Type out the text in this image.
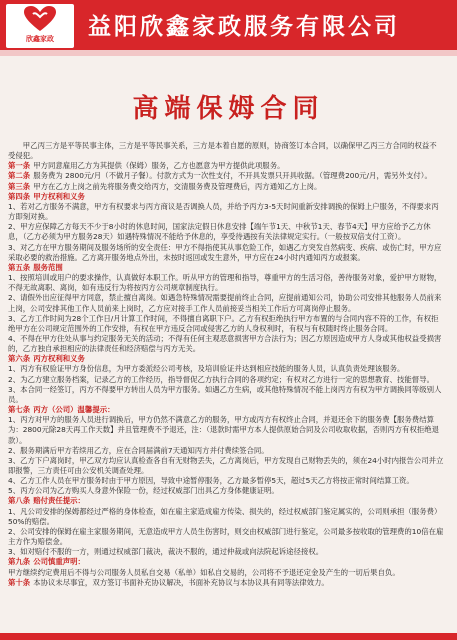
欣鑫家政	益阳欣鑫家政服务有限公司
高端保姆合同

甲乙丙三方是平等民事主体，三方是平等民事关系，三方是本着自愿的原则，协商签订本合同，以确保甲乙丙三方合同的权益不受侵犯。

第一条 甲方同意雇用乙方为其提供（保姆）服务，乙方也愿意为甲方提供此项服务。

第二条 服务费为 2800元/月（不做月子餐）。付款方式为一次性支付，不开具发票只开具收据。（管理费200元/月，需另外支付）。

第三条 甲方在乙方上岗之前先将服务费交给丙方，交清服务费及管理费后，丙方通知乙方上岗。

第四条 甲方权利和义务

1、若对乙方服务不满意，甲方有权要求与丙方商议是否调换人员，并给予丙方3-5天时间重新安排调换的保姆上户服务，不得要求丙方即刻对换。

2、甲方应保障乙方每天不少于8小时的休息时间，国家法定假日休息安排【端午节1天、中秋节1天、春节4天】甲方应给予乙方休息，（乙方必须为甲方服务28天）如遇特殊情况不能给予休息的，享受待遇按有关法律规定实行。（一般按双倍支付工资）。

3、对乙方在甲方服务期间及服务场所的安全责任：甲方不得指使其从事危险工作，如遇乙方突发自然病变、疾病、或伤亡时，甲方应采取必要的救治措施。乙方离开服务地点外出，未按时返回或发生意外，甲方应在24小时内通知丙方或报案。

第五条 服务范围

1、按照培训或用户的要求操作，认真做好本职工作。听从甲方的管理和指导，尊重甲方的生活习俗，善待服务对象，爱护甲方财物，不得无故离职、离岗，如有违反行为将按丙方公司规章制度执行。

2、请假外出应征得甲方同意，禁止擅自离岗。如遇急特殊情况需要提前终止合同，应提前通知公司，协助公司安排其他服务人员前来上岗，公司安排其他工作人员前来上岗时，乙方应对接手工作人员前接妥当相关工作后方可离岗停止服务。

3、乙方工作时间为28个工作日/月计算工作时间，不得擅自离职下户。乙方有权拒绝执行甲方布置的与合同内容不符的工作，有权拒绝甲方在公司规定范围外的工作安排，有权在甲方违反合同或侵害乙方的人身权利时，有权与有权随时终止服务合同。

4、不得在甲方住处从事与约定服务无关的活动；不得有任何主观恶意损害甲方合法行为；因乙方原因造成甲方人身或其他权益受损害的，乙方独自承担相应的法律责任和经济赔偿与丙方无关。

第六条 丙方权利和义务

1、丙方有权验证甲方身份信息，为甲方委派经公司考核，及培训验证并达到相应技能的服务人员，认真负责处理该服务。

2、为乙方建立服务档案，记录乙方的工作经历，指导督促乙方执行合同的各项约定；有权对乙方进行一定的思想教育、技能督导。

3、本合同一经签订，丙方不得要甲方转出人员为甲方服务。如遇乙方生病，或其他特殊情况不能上岗丙方有权为甲方调换同等级别人员。

第七条 丙方（公司）温馨提示：

1、丙方对甲方的服务人员进行调换后，甲方仍然不满意乙方的服务，甲方或丙方有权终止合同，并退还余下的服务费【服务费结算为：2800元除28天再工作天数】并且管理费不予退还，注：（退款时需甲方本人提供原始合同及公司收取收据，否则丙方有权拒绝退款）。

2、服务期满后甲方若续用乙方，应在合同届满前7天通知丙方并付费续签合同。

3、乙方下户离岗时，甲乙双方均应认真检查各自有无财物丢失，乙方离岗后，甲方发现自己财物丢失的，须在24小时内报告公司并立即报警，三方责任可由公安机关调查处理。

4、乙方工作人员在甲方服务时由于甲方原因，导致中途暂停服务，乙方最多暂停5天，超过5天乙方将按正常时间结算工资。

5、丙方公司为乙方购买人身意外保险一份，经过权威部门出具乙方身体健康证明。

第八条 赔付责任提示：

1、凡公司安排的保姆都经过严格的身体检查，如在雇主家造成雇方传染、损失的，经过权威部门鉴定属实的，公司则承担（服务费）50%的赔偿。

2、公司安排的保姆在雇主家服务期间，无意造成甲方人员生伤害时，则交由权威部门进行鉴定，公司最多按收取的管理费的10倍在雇主方作为赔偿金。

3、如对赔付不服的一方，则通过权威部门裁决，裁决不服的，通过仲裁或向法院起诉途径接权。

第九条 公司慎重声明：

甲方继续约定费用后不得与公司服务人员私自交易（私单）如私自交易的，公司将不予退还定金及产生的一切后果自负。

第十条 本协议未尽事宜，双方签订书面补充协议解决，书面补充协议与本协议具有同等法律效力。
